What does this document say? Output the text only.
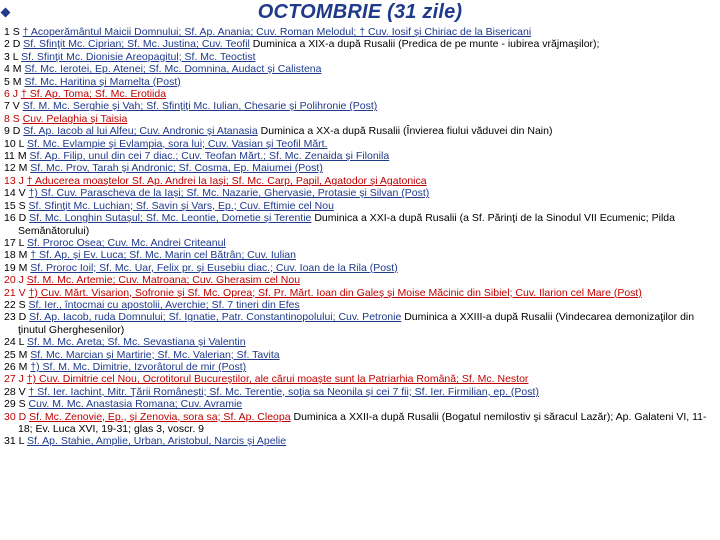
OCTOMBRIE (31 zile)
1 S † Acoperământul Maicii Domnului; Sf. Ap. Anania; Cuv. Roman Melodul; † Cuv. Iosif şi Chiriac de la Bisericani
2 D Sf. Sfinţit Mc. Ciprian; Sf. Mc. Justina; Cuv. Teofil Duminica a XIX-a după Rusalii (Predica de pe munte - iubirea vrăjmaşilor);
3 L Sf. Sfinţit Mc. Dionisie Areopagitul; Sf. Mc. Teoctist
4 M Sf. Mc. Ierotei, Ep. Atenei; Sf. Mc. Domnina, Audact şi Calistena
5 M Sf. Mc. Haritina şi Mamelta (Post)
6 J † Sf. Ap. Toma; Sf. Mc. Erotiida
7 V Sf. M. Mc. Serghie şi Vah; Sf. Sfinţiţi Mc. Iulian, Chesarie şi Polihronie (Post)
8 S Cuv. Pelaghia şi Taisia
9 D Sf. Ap. Iacob al lui Alfeu; Cuv. Andronic şi Atanasia Duminica a XX-a după Rusalii (Învierea fiului văduvei din Nain)
10 L Sf. Mc. Evlampie şi Evlampia, sora lui; Cuv. Vasian şi Teofil Mărt.
11 M Sf. Ap. Filip, unul din cei 7 diac.; Cuv. Teofan Mărt.; Sf. Mc. Zenaida şi Filonila
12 M Sf. Mc. Prov, Tarah şi Andronic; Sf. Cosma, Ep. Maiumei (Post)
13 J † Aducerea moaştelor Sf. Ap. Andrei la Iaşi; Sf. Mc. Carp, Papil, Agatodor şi Agatonica
14 V †) Sf. Cuv. Parascheva de la Iaşi; Sf. Mc. Nazarie, Ghervasie, Protasie şi Silvan (Post)
15 S Sf. Sfinţit Mc. Luchian; Sf. Savin şi Vars, Ep.; Cuv. Eftimie cel Nou
16 D Sf. Mc. Longhin Sutaşul; Sf. Mc. Leontie, Dometie şi Terentie Duminica a XXI-a după Rusalii (a Sf. Părinţi de la Sinodul VII Ecumenic; Pilda Semănătorului)
17 L Sf. Proroc Osea; Cuv. Mc. Andrei Criteanul
18 M † Sf. Ap. şi Ev. Luca; Sf. Mc. Marin cel Bătrân; Cuv. Iulian
19 M Sf. Proroc Ioil; Sf. Mc. Uar, Felix pr. şi Eusebiu diac.; Cuv. Ioan de la Rila (Post)
20 J Sf. M. Mc. Artemie; Cuv. Matroana; Cuv. Gherasim cel Nou
21 V †) Cuv. Mărt. Visarion, Sofronie şi Sf. Mc. Oprea; Sf. Pr. Mărt. Ioan din Galeş şi Moise Măcinic din Sibiel; Cuv. Ilarion cel Mare (Post)
22 S Sf. Ier., întocmai cu apostolii, Averchie; Sf. 7 tineri din Efes
23 D Sf. Ap. Iacob, ruda Domnului; Sf. Ignatie, Patr. Constantinopolului; Cuv. Petronie Duminica a XXIII-a după Rusalii (Vindecarea demonizaţilor din ţinutul Gherghesenilor)
24 L Sf. M. Mc. Areta; Sf. Mc. Sevastiana şi Valentin
25 M Sf. Mc. Marcian şi Martirie; Sf. Mc. Valerian; Sf. Tavita
26 M †) Sf. M. Mc. Dimitrie, Izvorâtorul de mir (Post)
27 J †) Cuv. Dimitrie cel Nou, Ocrotitorul Bucureştilor, ale cărui moaşte sunt la Patriarhia Română; Sf. Mc. Nestor
28 V † Sf. Ier. Iachint, Mitr. Ţării Româneşti; Sf. Mc. Terentie, soţia sa Neonila şi cei 7 fii; Sf. Ier. Firmilian, ep. (Post)
29 S Cuv. M. Mc. Anastasia Romana; Cuv. Avramie
30 D Sf. Mc. Zenovie, Ep., şi Zenovia, sora sa; Sf. Ap. Cleopa Duminica a XXII-a după Rusalii (Bogatul nemilostiv şi săracul Lazăr); Ap. Galateni VI, 11-18; Ev. Luca XVI, 19-31; glas 3, voscr. 9
31 L Sf. Ap. Stahie, Amplie, Urban, Aristobul, Narcis şi Apelie
